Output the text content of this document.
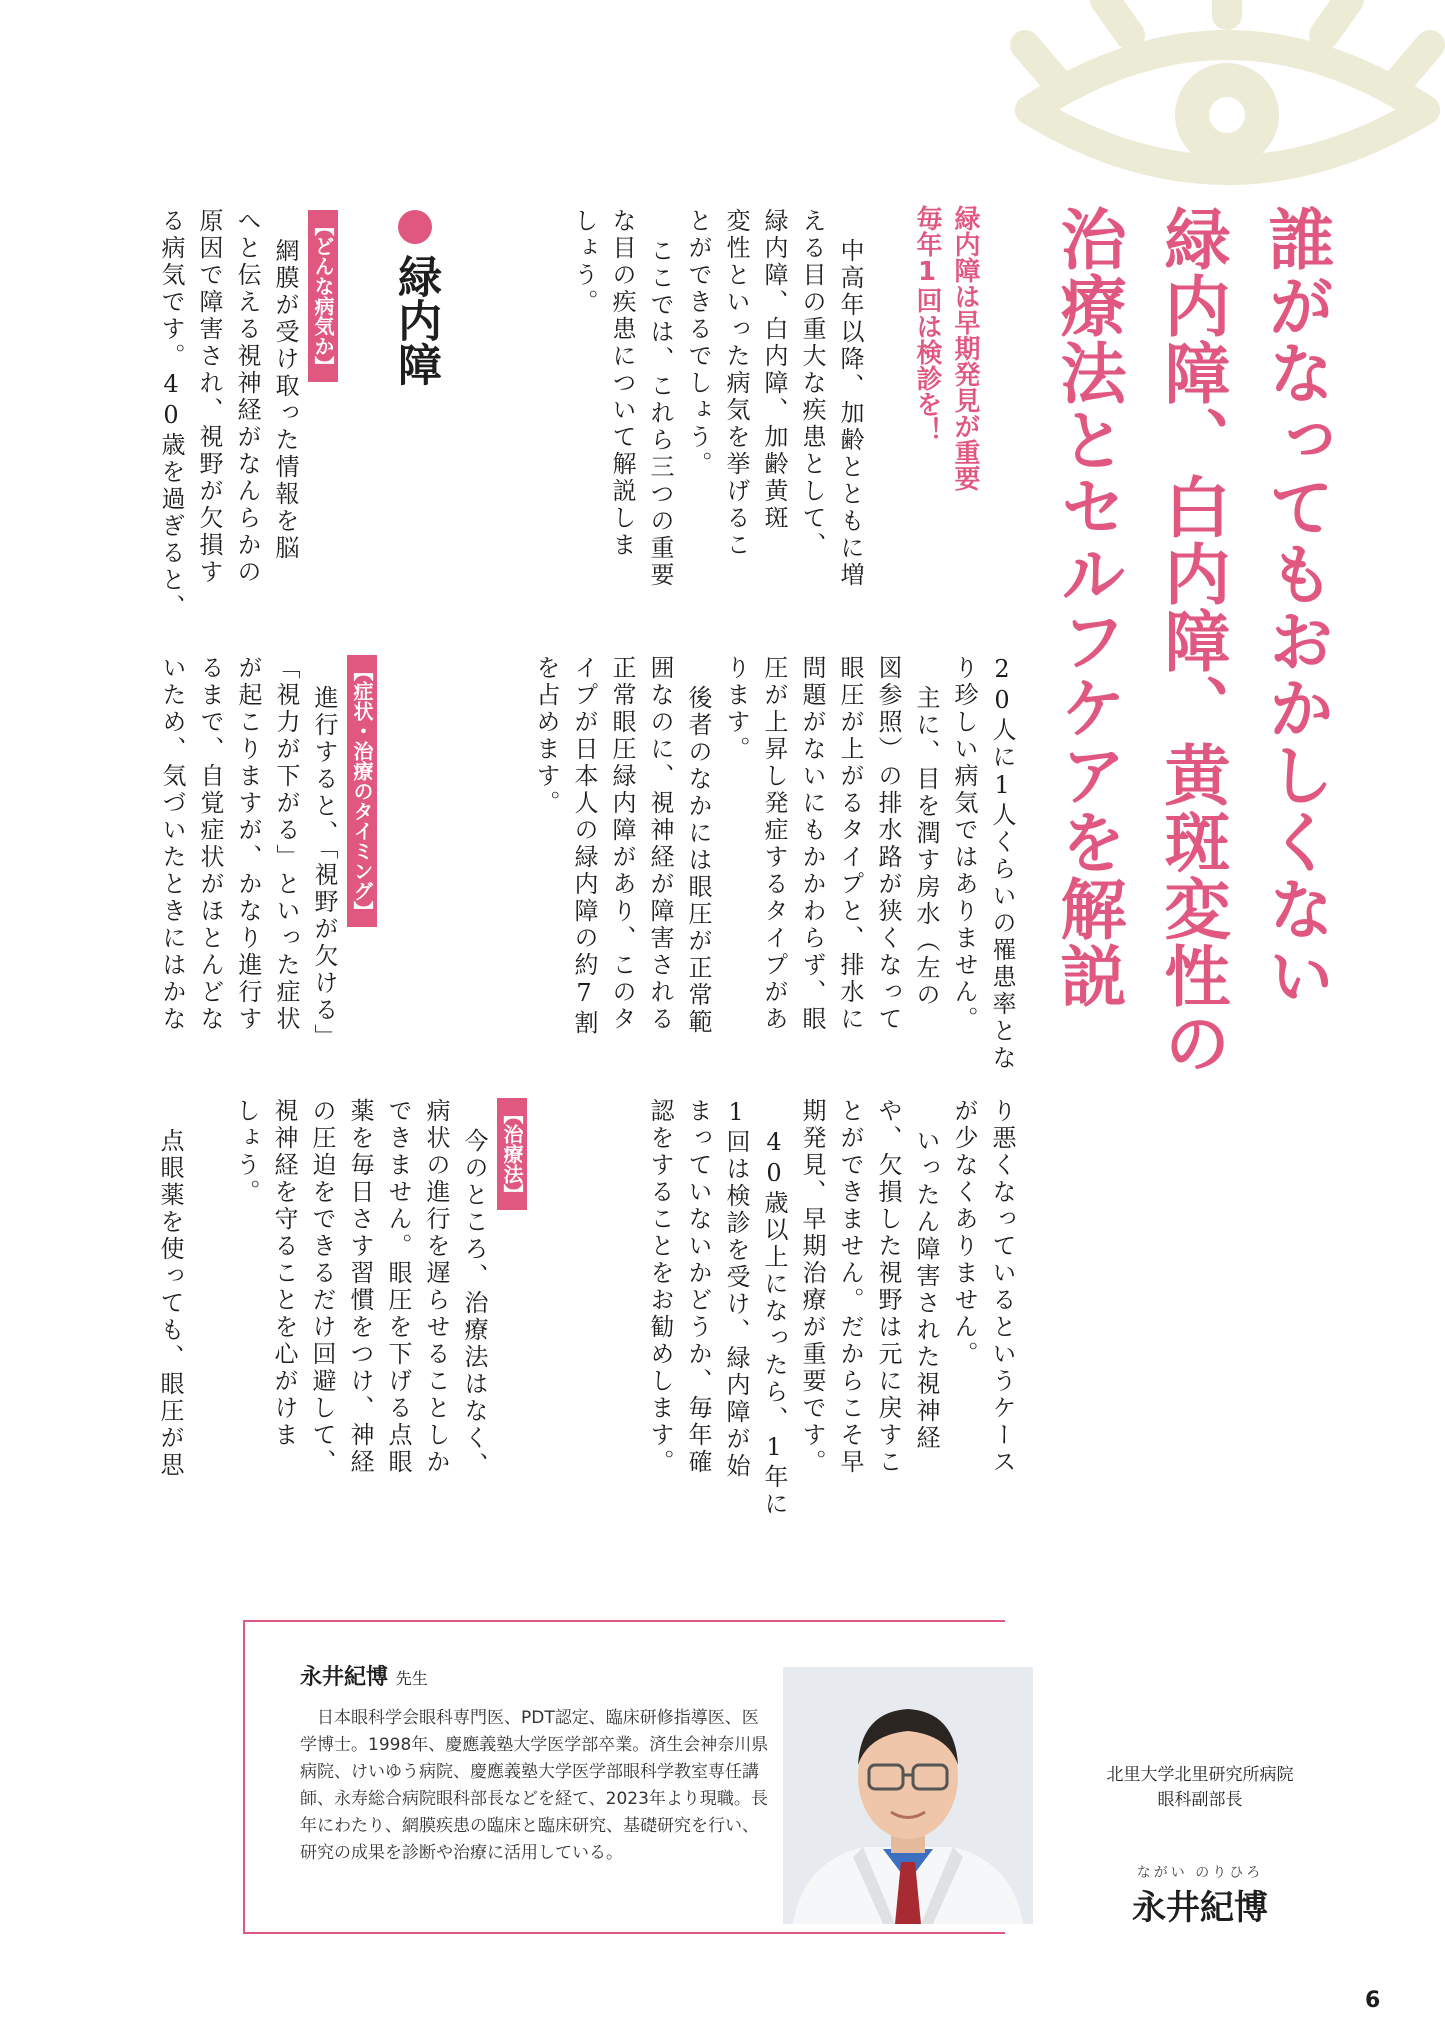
誰がなってもおかしくない
緑内障、白内障、黄斑変性の
治療法とセルフケアを解説
緑内障は早期発見が重要
毎年1回は検診を！
中高年以降、加齢とともに増
える目の重大な疾患として、
緑内障、白内障、加齢黄斑
変性といった病気を挙げるこ
とができるでしょう。
ここでは、これら三つの重要
な目の疾患について解説しま
しょう。
緑内障
【どんな病気か】
網膜が受け取った情報を脳
へと伝える視神経がなんらかの
原因で障害され、視野が欠損す
る病気です。40歳を過ぎると、
20人に1人くらいの罹患率とな
り珍しい病気ではありません。
主に、目を潤す房水（左の
図参照）の排水路が狭くなって
眼圧が上がるタイプと、排水に
問題がないにもかかわらず、眼
圧が上昇し発症するタイプがあ
ります。
後者のなかには眼圧が正常範
囲なのに、視神経が障害される
正常眼圧緑内障があり、このタ
イプが日本人の緑内障の約7割
を占めます。
【症状・治療のタイミング】
進行すると、「視野が欠ける」
「視力が下がる」といった症状
が起こりますが、かなり進行す
るまで、自覚症状がほとんどな
いため、気づいたときにはかな
り悪くなっているというケース
が少なくありません。
いったん障害された視神経
や、欠損した視野は元に戻すこ
とができません。だからこそ早
期発見、早期治療が重要です。
40歳以上になったら、1年に
1回は検診を受け、緑内障が始
まっていないかどうか、毎年確
認をすることをお勧めします。
【治療法】
今のところ、治療法はなく、
病状の進行を遅らせることしか
できません。眼圧を下げる点眼
薬を毎日さす習慣をつけ、神経
の圧迫をできるだけ回避して、
視神経を守ることを心がけま
しょう。
点眼薬を使っても、眼圧が思
永井紀博 先生
日本眼科学会眼科専門医、PDT認定、臨床研修指導医、医学博士。1998年、慶應義塾大学医学部卒業。済生会神奈川県病院、けいゆう病院、慶應義塾大学医学部眼科学教室専任講師、永寿総合病院眼科部長などを経て、2023年より現職。長年にわたり、網膜疾患の臨床と臨床研究、基礎研究を行い、研究の成果を診断や治療に活用している。
北里大学北里研究所病院
眼科副部長
ながい のりひろ
永井紀博
6
